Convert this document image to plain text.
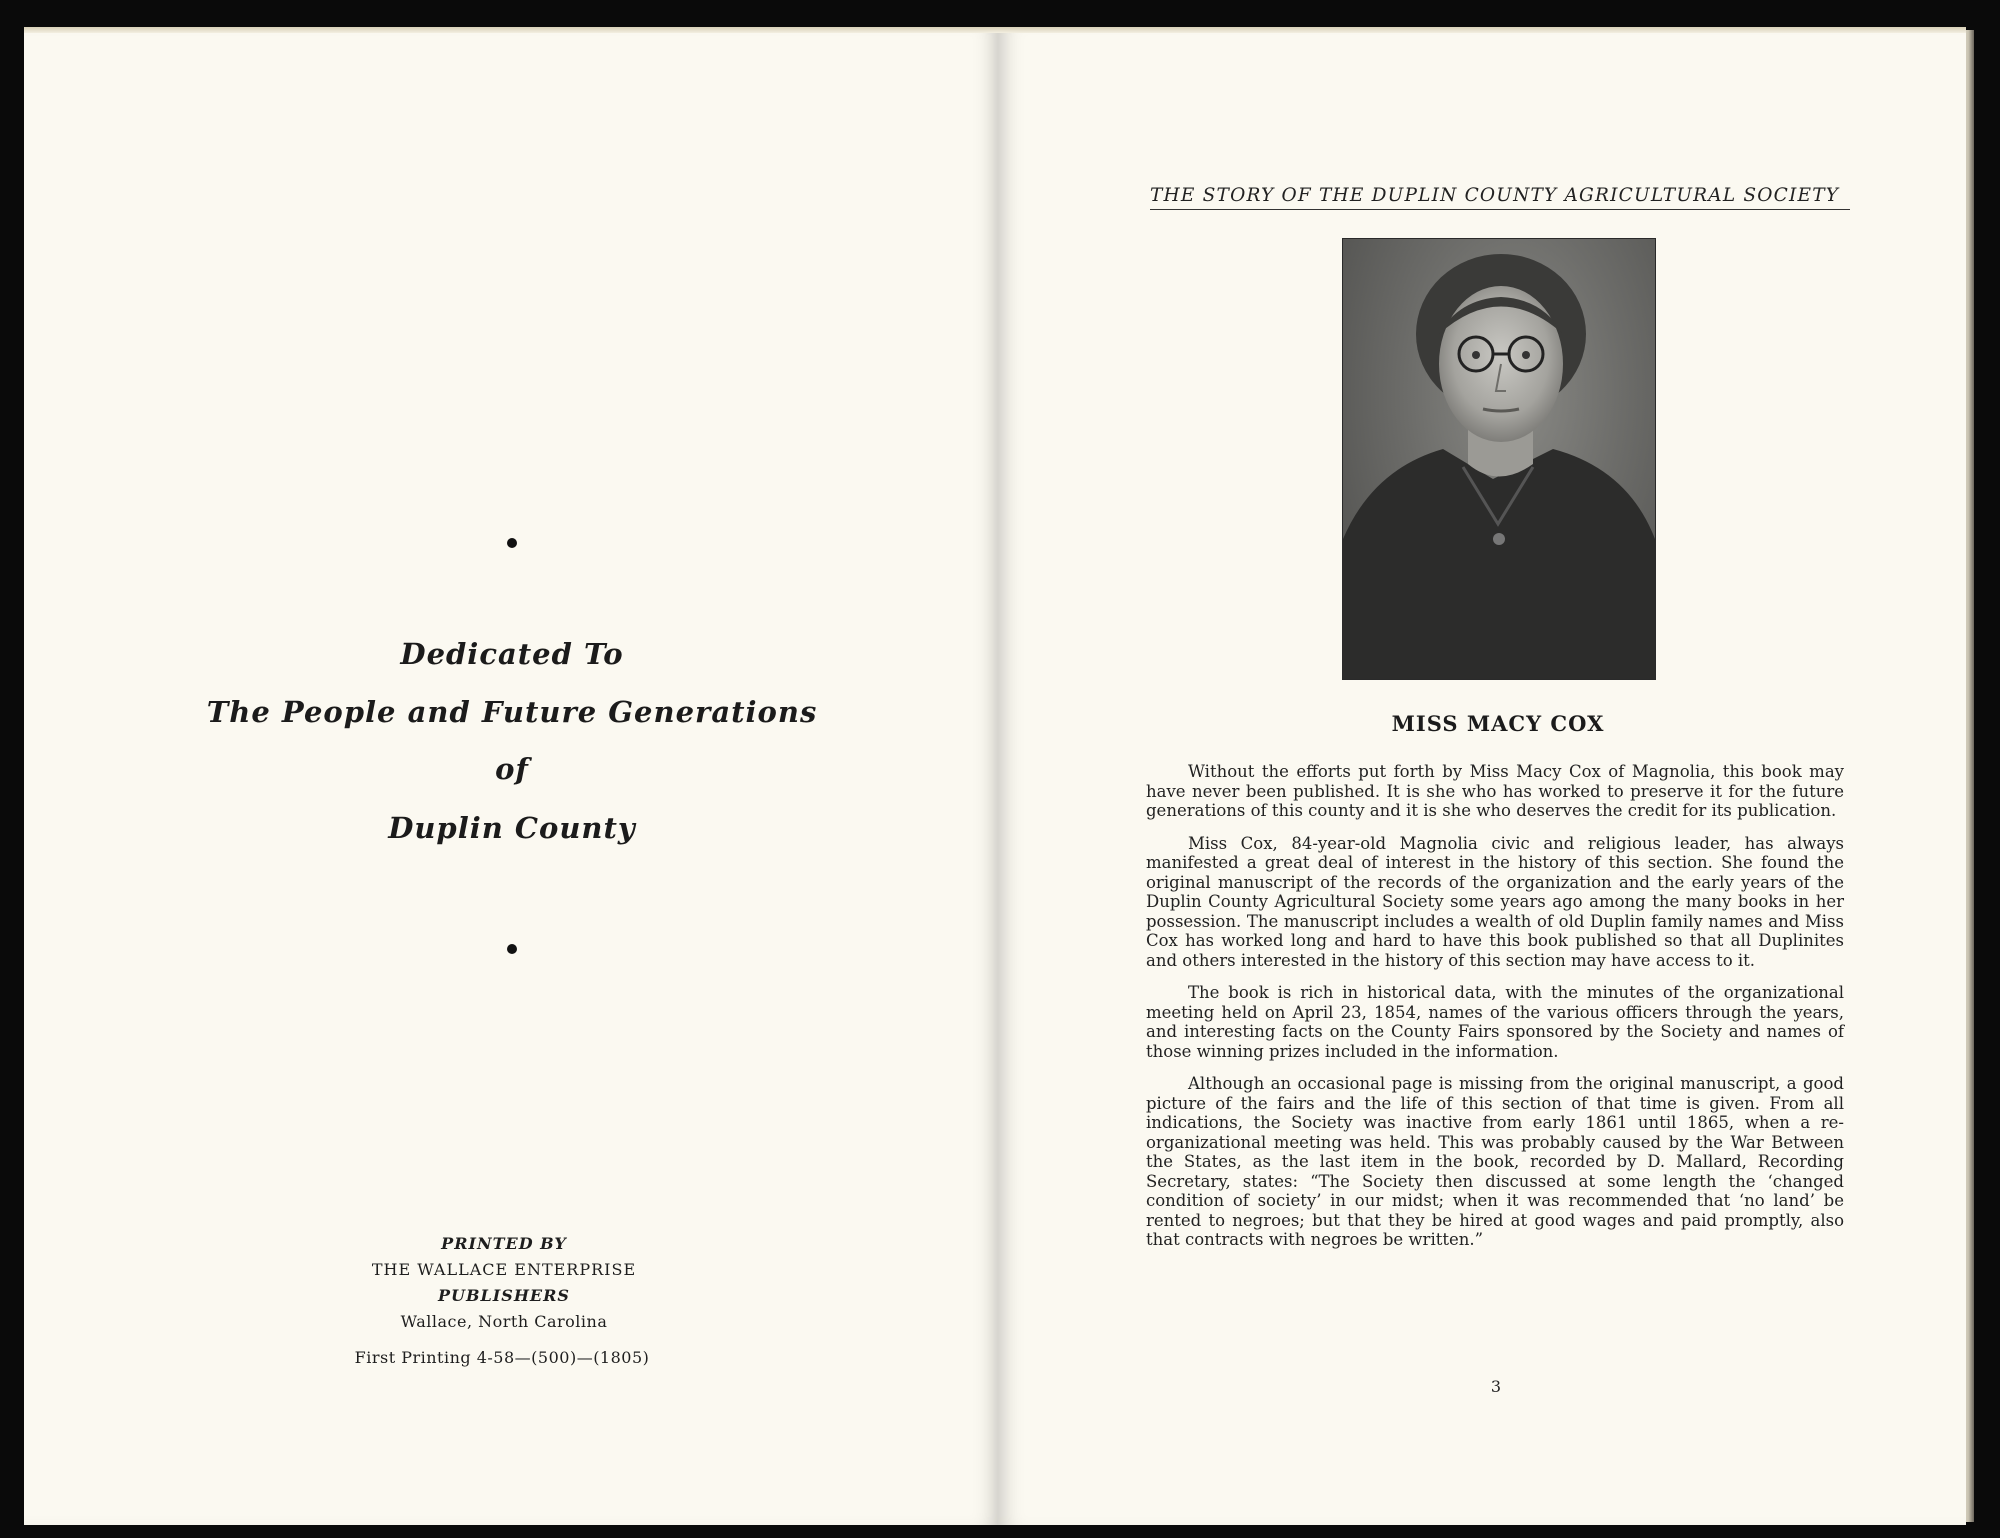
Dedicated To
The People and Future Generations
of
Duplin County
PRINTED BY
THE WALLACE ENTERPRISE
PUBLISHERS
Wallace, North Carolina
First Printing 4-58—(500)—(1805)
THE STORY OF THE DUPLIN COUNTY AGRICULTURAL SOCIETY
MISS MACY COX

Without the efforts put forth by Miss Macy Cox of Magnolia, this book may have never been published. It is she who has worked to preserve it for the future generations of this county and it is she who deserves the credit for its publication.

Miss Cox, 84-year-old Magnolia civic and religious leader, has always manifested a great deal of interest in the history of this section. She found the original manuscript of the records of the organization and the early years of the Duplin County Agricultural Society some years ago among the many books in her possession. The manuscript includes a wealth of old Duplin family names and Miss Cox has worked long and hard to have this book published so that all Duplinites and others interested in the history of this section may have access to it.

The book is rich in historical data, with the minutes of the organizational meeting held on April 23, 1854, names of the various officers through the years, and interesting facts on the County Fairs sponsored by the Society and names of those winning prizes included in the information.

Although an occasional page is missing from the original manuscript, a good picture of the fairs and the life of this section of that time is given. From all indications, the Society was inactive from early 1861 until 1865, when a re-organizational meeting was held. This was probably caused by the War Between the States, as the last item in the book, recorded by D. Mallard, Recording Secretary, states: “The Society then discussed at some length the ‘changed condition of society’ in our midst; when it was recommended that ‘no land’ be rented to negroes; but that they be hired at good wages and paid promptly, also that contracts with negroes be written.”

3
